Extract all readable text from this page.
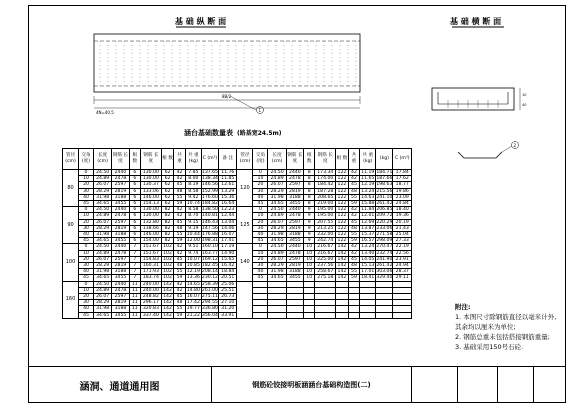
基 础 纵 断 面
8B/2
4N=40.5	1
基 础 横 断 面
10
40
2
涵台基础数量表 (路基宽24.5m)
管径 (cm)	交角 (度)	长度 (cm)	钢筋 长度	根 数	钢筋 长度	根 数	共 重	共 重 (kg)	C (m³)	备 注	管径 (cm)	交角 (度)	长度 (cm)	钢筋 长度	根 数	钢筋 长度	根 数	共 重	共 重 (kg)	(kg)	C (m³)
80	0	24.50	2440	6	130.00	62	42	7.85	137.65	11.76	120	0	24.50	2440	8	173.34	122	42	11.19	184.71	17.84
	10	24.89	2478	6	130.00	62	42	8.00	138.34	11.85		10	24.89	2478	8	174.00	122	42	11.65	187.66	17.62
	20	26.07	2597	6	130.37	62	45	8.19	146.56	12.61		20	26.07	2597	8	184.42	122	45	12.19	198.63	18.77
	30	28.29	2819	6	133.06	62	48	8.58	152.99	13.29		30	28.29	2819	8	187.28	122	48	13.24	215.56	19.86
	40	31.98	3188	6	146.00	62	55	9.42	176.60	15.36		40	31.98	3188	8	208.65	122	55	14.63	241.10	23.09
	45	34.65	3455	6	154.13	62	59	10.74	184.82	16.64		45	34.65	3455	8	219.00	122	59	15.88	261.42	24.84
90	0	24.50	2440	6	130.00	82	42	8.58	138.50	12.23	125	0	24.50	2440	9	195.00	122	42	11.84	206.85	18.40
	10	24.89	2478	6	130.00	82	42	8.70	140.81	12.44		10	24.89	2478	9	195.00	122	42	12.01	209.72	19.36
	20	26.07	2597	6	132.80	82	45	9.15	146.43	13.04		20	26.07	2597	9	207.55	122	45	12.69	220.29	20.19
	30	28.29	2819	6	138.66	82	48	9.19	147.56	14.06		30	28.29	2819	9	213.25	122	48	13.87	233.06	21.43
	40	31.98	3188	6	146.00	82	55	10.44	176.88	16.07		40	31.98	3188	9	232.00	122	55	15.37	271.58	25.04
	45	34.65	3455	6	154.00	82	59	12.00	198.31	17.41		45	34.65	3455	9	242.74	122	59	16.57	298.09	27.33
100	0	24.50	2440	7	151.67	102	42	9.51	160.10	17.19	140	0	24.50	2440	10	216.67	142	42	13.24	270.47	22.19
	10	24.89	2478	7	151.67	102	42	9.74	163.77	14.90		10	24.89	2478	10	216.67	142	42	13.40	232.74	22.56
	20	26.07	2597	7	154.83	102	45	10.07	169.12	15.65		20	26.07	2597	10	225.00	142	45	14.05	241.90	23.91
	30	28.29	2819	7	160.31	102	48	10.85	182.45	16.42		30	28.29	2819	10	237.56	142	48	15.13	261.42	24.94
	40	31.98	3188	7	171.93	102	55	12.19	208.14	18.84		40	31.98	3188	10	258.67	142	55	17.01	303.06	28.37
	45	34.65	3455	7	183.74	102	59	13.36	230.12	20.51		45	34.65	3455	10	275.18	142	59	18.41	329.40	29.11
160	0	24.50	2440	11	240.00	142	42	14.65	258.39	25.06											
	10	24.89	2478	11	240.00	142	42	14.80	261.00	25.51											
	20	26.07	2597	11	248.82	142	45	16.07	275.11	26.73											
	30	28.29	2819	11	296.17	142	48	17.42	294.55	27.10											
	40	31.98	3188	11	320.83	142	55	19.77	336.80	31.20											
	45	34.65	3455	11	337.40	142	59	21.22	356.04	33.91											
附注:
1. 本图尺寸除钢筋直径以毫米计外,
其余均以厘米为单位;
2. 钢筋总重未包括搭接钢筋重量;
3. 基础采用150号石砼.
涵洞、通道通用图	钢筋砼铰接明板涵涵台基础构造图(二)
